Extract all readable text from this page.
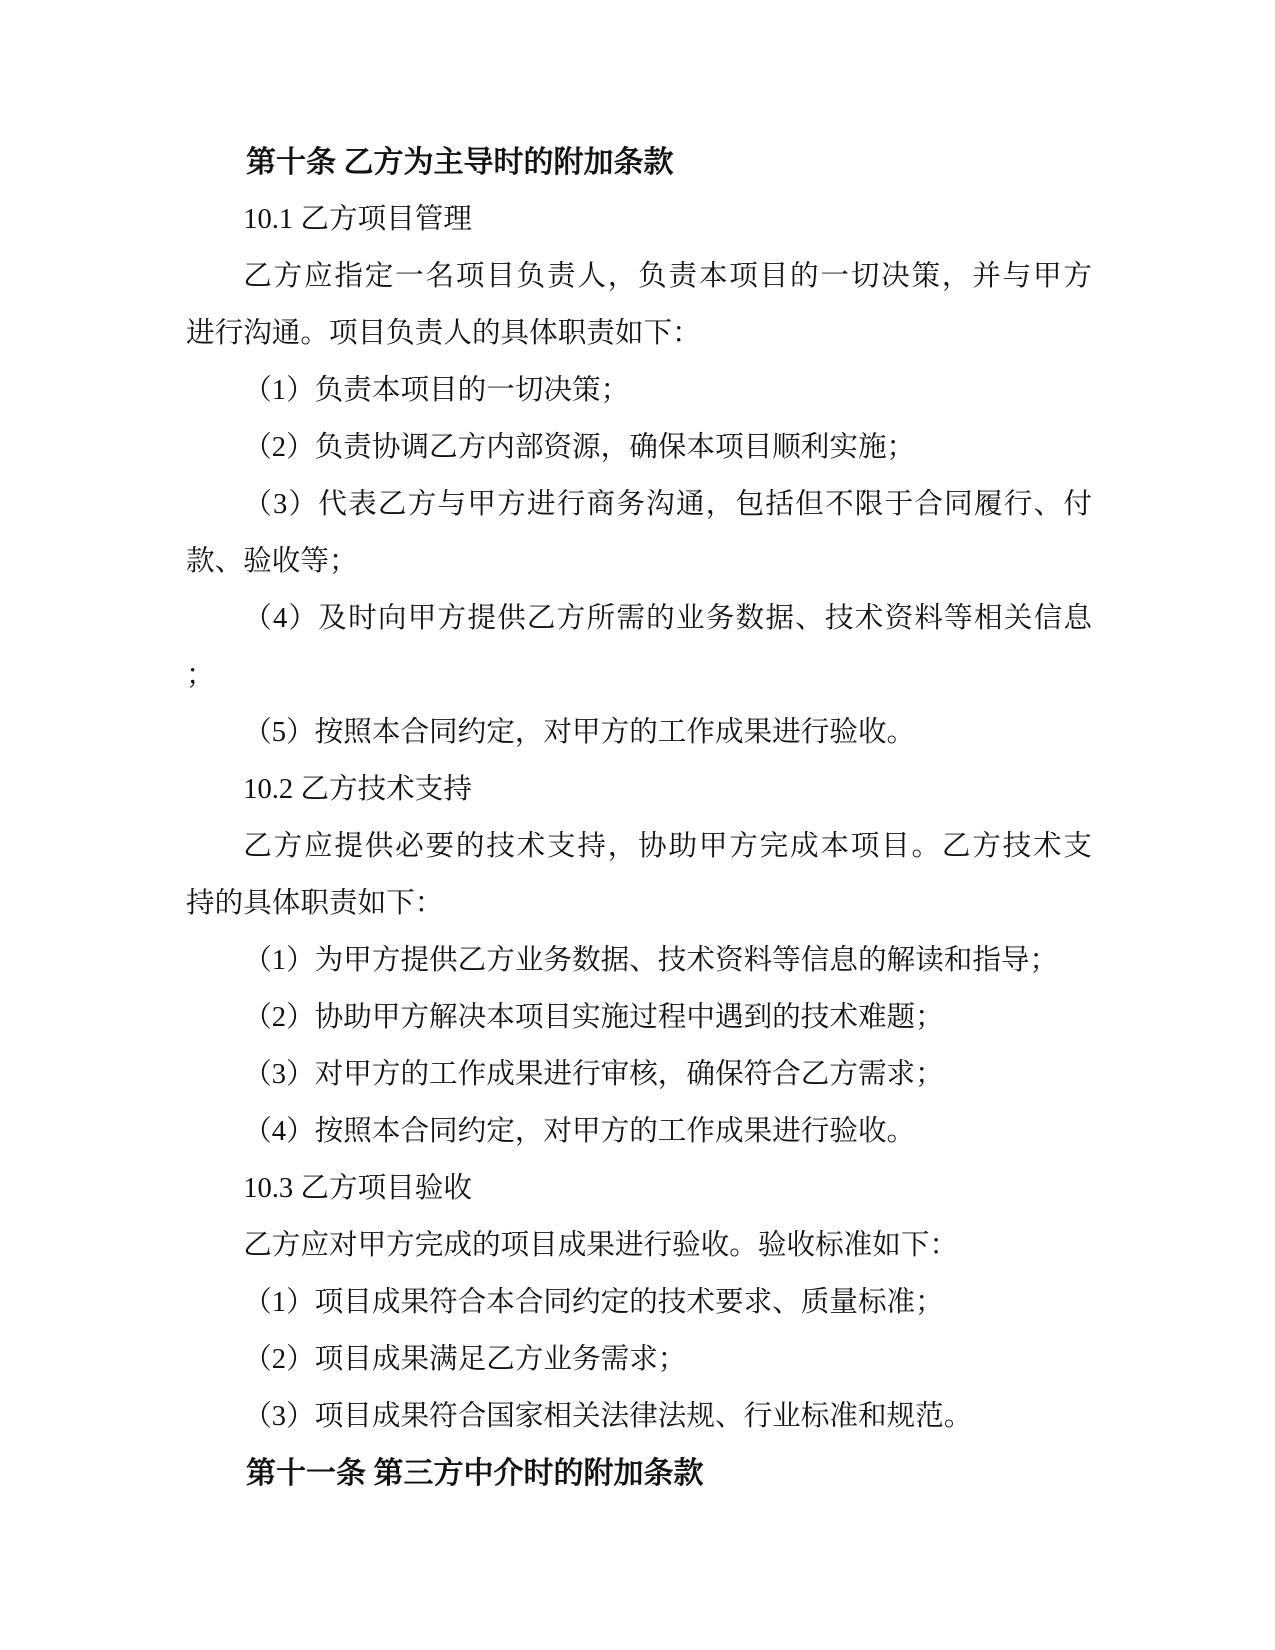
第十条 乙方为主导时的附加条款
10.1 乙方项目管理
乙方应指定一名项目负责人，负责本项目的一切决策，并与甲方
进行沟通。项目负责人的具体职责如下：
（1）负责本项目的一切决策；
（2）负责协调乙方内部资源，确保本项目顺利实施；
（3）代表乙方与甲方进行商务沟通，包括但不限于合同履行、付
款、验收等；
（4）及时向甲方提供乙方所需的业务数据、技术资料等相关信息
；
（5）按照本合同约定，对甲方的工作成果进行验收。
10.2 乙方技术支持
乙方应提供必要的技术支持，协助甲方完成本项目。乙方技术支
持的具体职责如下：
（1）为甲方提供乙方业务数据、技术资料等信息的解读和指导；
（2）协助甲方解决本项目实施过程中遇到的技术难题；
（3）对甲方的工作成果进行审核，确保符合乙方需求；
（4）按照本合同约定，对甲方的工作成果进行验收。
10.3 乙方项目验收
乙方应对甲方完成的项目成果进行验收。验收标准如下：
（1）项目成果符合本合同约定的技术要求、质量标准；
（2）项目成果满足乙方业务需求；
（3）项目成果符合国家相关法律法规、行业标准和规范。
第十一条 第三方中介时的附加条款
